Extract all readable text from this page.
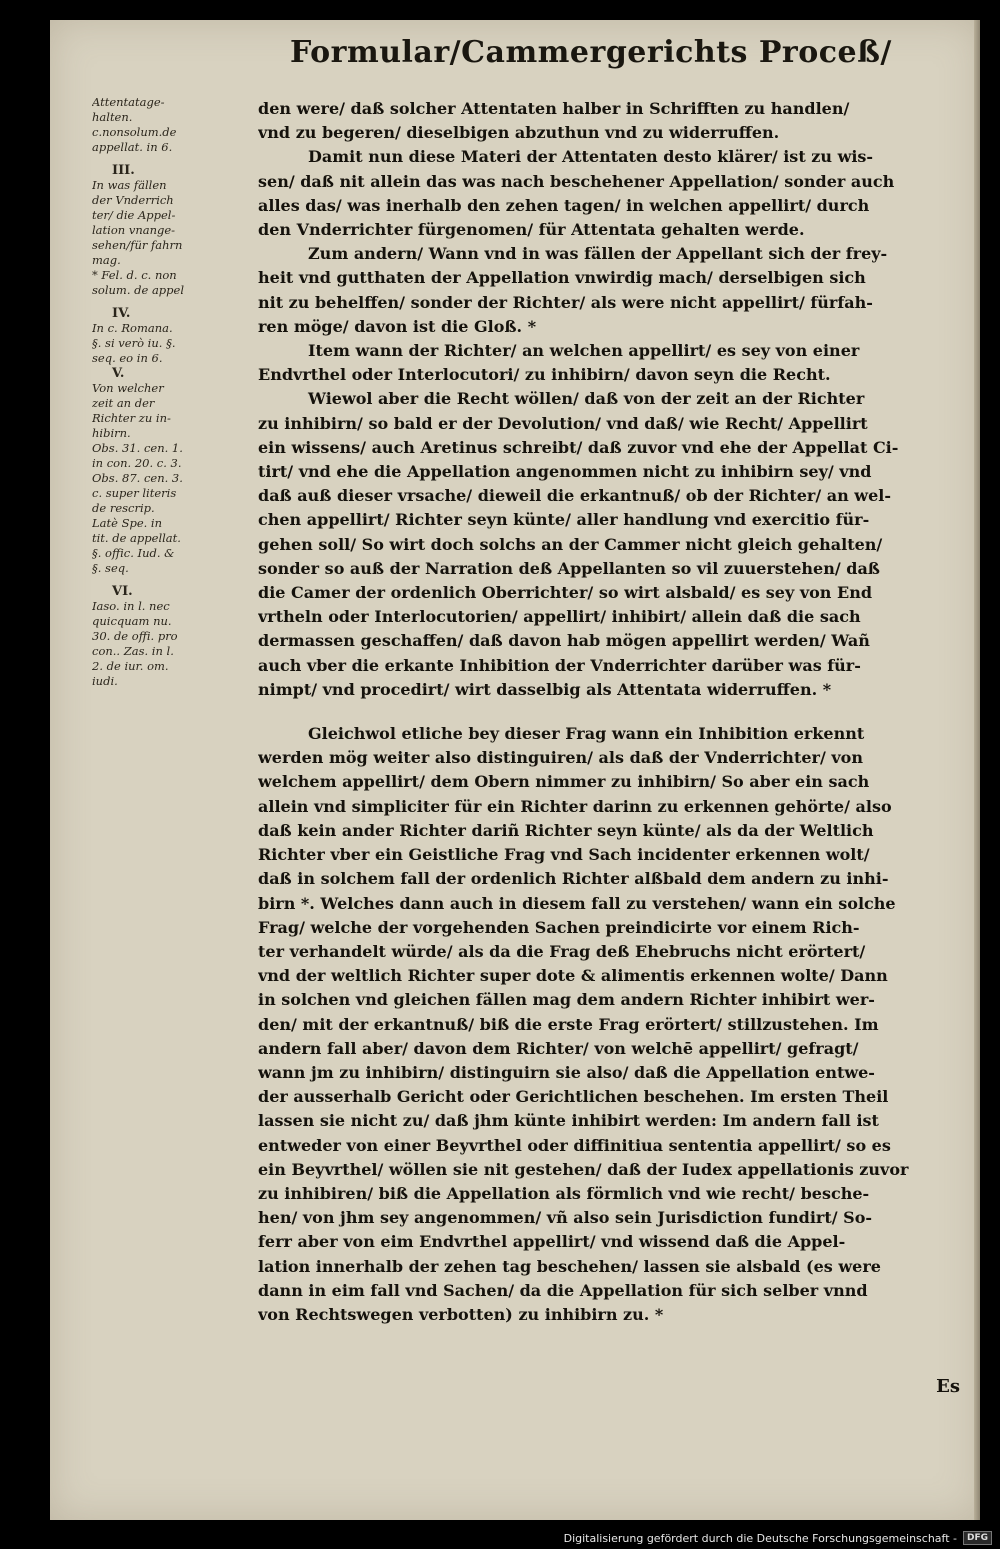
Formular/Cammergerichts Proceß/
Attentatage-
halten.
c.nonsolum.de
appellat. in 6.
III.
In was fällen
der Vnderrich
ter/ die Appel-
lation vnange-
sehen/für fahrn
mag.
* Fel. d. c. non
solum. de appel
IV.
In c. Romana.
§. si verò iu. §.
seq. eo in 6.
V.
Von welcher
zeit an der
Richter zu in-
hibirn.
Obs. 31. cen. 1.
in con. 20. c. 3.
Obs. 87. cen. 3.
c. super literis
de rescrip.
Latè Spe. in
tit. de appellat.
§. offic. Iud. &
§. seq.
VI.
Iaso. in l. nec
quicquam nu.
30. de offi. pro
con.. Zas. in l.
2. de iur. om.
iudi.
den were/ daß solcher Attentaten halber in Schrifften zu handlen/
vnd zu begeren/ dieselbigen abzuthun vnd zu widerruffen.
Damit nun diese Materi der Attentaten desto klärer/ ist zu wis-
sen/ daß nit allein das was nach beschehener Appellation/ sonder auch
alles das/ was inerhalb den zehen tagen/ in welchen appellirt/ durch
den Vnderrichter fürgenomen/ für Attentata gehalten werde.
Zum andern/ Wann vnd in was fällen der Appellant sich der frey-
heit vnd gutthaten der Appellation vnwirdig mach/ derselbigen sich
nit zu behelffen/ sonder der Richter/ als were nicht appellirt/ fürfah-
ren möge/ davon ist die Gloß. *
Item wann der Richter/ an welchen appellirt/ es sey von einer
Endvrthel oder Interlocutori/ zu inhibirn/ davon seyn die Recht.
Wiewol aber die Recht wöllen/ daß von der zeit an der Richter
zu inhibirn/ so bald er der Devolution/ vnd daß/ wie Recht/ Appellirt
ein wissens/ auch Aretinus schreibt/ daß zuvor vnd ehe der Appellat Ci-
tirt/ vnd ehe die Appellation angenommen nicht zu inhibirn sey/ vnd
daß auß dieser vrsache/ dieweil die erkantnuß/ ob der Richter/ an wel-
chen appellirt/ Richter seyn künte/ aller handlung vnd exercitio für-
gehen soll/ So wirt doch solchs an der Cammer nicht gleich gehalten/
sonder so auß der Narration deß Appellanten so vil zuuerstehen/ daß
die Camer der ordenlich Oberrichter/ so wirt alsbald/ es sey von End
vrtheln oder Interlocutorien/ appellirt/ inhibirt/ allein daß die sach
dermassen geschaffen/ daß davon hab mögen appellirt werden/ Wañ
auch vber die erkante Inhibition der Vnderrichter darüber was für-
nimpt/ vnd procedirt/ wirt dasselbig als Attentata widerruffen. *
Gleichwol etliche bey dieser Frag wann ein Inhibition erkennt
werden mög weiter also distinguiren/ als daß der Vnderrichter/ von
welchem appellirt/ dem Obern nimmer zu inhibirn/ So aber ein sach
allein vnd simpliciter für ein Richter darinn zu erkennen gehörte/ also
daß kein ander Richter dariñ Richter seyn künte/ als da der Weltlich
Richter vber ein Geistliche Frag vnd Sach incidenter erkennen wolt/
daß in solchem fall der ordenlich Richter alßbald dem andern zu inhi-
birn *. Welches dann auch in diesem fall zu verstehen/ wann ein solche
Frag/ welche der vorgehenden Sachen preindicirte vor einem Rich-
ter verhandelt würde/ als da die Frag deß Ehebruchs nicht erörtert/
vnd der weltlich Richter super dote & alimentis erkennen wolte/ Dann
in solchen vnd gleichen fällen mag dem andern Richter inhibirt wer-
den/ mit der erkantnuß/ biß die erste Frag erörtert/ stillzustehen. Im
andern fall aber/ davon dem Richter/ von welchē appellirt/ gefragt/
wann jm zu inhibirn/ distinguirn sie also/ daß die Appellation entwe-
der ausserhalb Gericht oder Gerichtlichen beschehen. Im ersten Theil
lassen sie nicht zu/ daß jhm künte inhibirt werden: Im andern fall ist
entweder von einer Beyvrthel oder diffinitiua sententia appellirt/ so es
ein Beyvrthel/ wöllen sie nit gestehen/ daß der Iudex appellationis zuvor
zu inhibiren/ biß die Appellation als förmlich vnd wie recht/ besche-
hen/ von jhm sey angenommen/ vñ also sein Jurisdiction fundirt/ So-
ferr aber von eim Endvrthel appellirt/ vnd wissend daß die Appel-
lation innerhalb der zehen tag beschehen/ lassen sie alsbald (es were
dann in eim fall vnd Sachen/ da die Appellation für sich selber vnnd
von Rechtswegen verbotten) zu inhibirn zu. *
Es
Digitalisierung gefördert durch die Deutsche Forschungsgemeinschaft -	DFG
